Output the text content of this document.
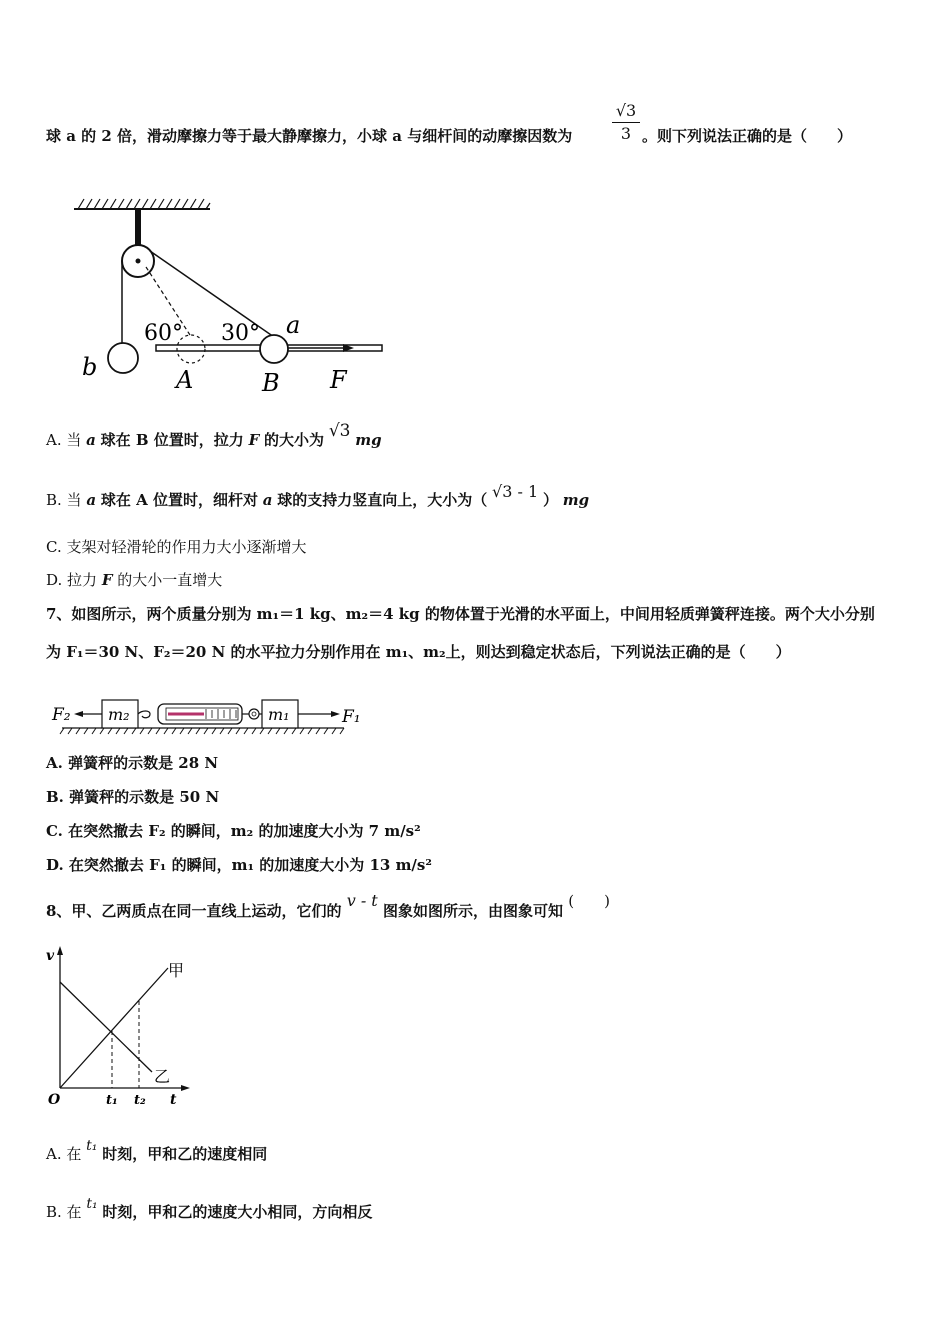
球 a 的 2 倍，滑动摩擦力等于最大静摩擦力，小球 a 与细杆间的动摩擦因数为 $\frac{√3}{3}$ 。则下列说法正确的是（　　）
60° 30° a
b	A	B F
A. 当 a 球在 B 位置时，拉力 F 的大小为 √3 mg
B. 当 a 球在 A 位置时，细杆对 a 球的支持力竖直向上，大小为（ √3 - 1 ） mg
C. 支架对轻滑轮的作用力大小逐渐增大
D. 拉力 F 的大小一直增大
7、如图所示，两个质量分别为 m₁＝1 kg、m₂＝4 kg 的物体置于光滑的水平面上，中间用轻质弹簧秤连接。两个大小分别
为 F₁＝30 N、F₂＝20 N 的水平拉力分别作用在 m₁、m₂上，则达到稳定状态后，下列说法正确的是（　　）
F₂ m₂	m₁	F₁
A. 弹簧秤的示数是 28 N
B. 弹簧秤的示数是 50 N
C. 在突然撤去 F₂ 的瞬间，m₂ 的加速度大小为 7 m/s²
D. 在突然撤去 F₁ 的瞬间，m₁ 的加速度大小为 13 m/s²
8、甲、乙两质点在同一直线上运动，它们的 v - t 图象如图所示，由图象可知 (　　)
v
甲
乙
O	t₁ t₂ t
A. 在 t₁ 时刻，甲和乙的速度相同
B. 在 t₁ 时刻，甲和乙的速度大小相同，方向相反
